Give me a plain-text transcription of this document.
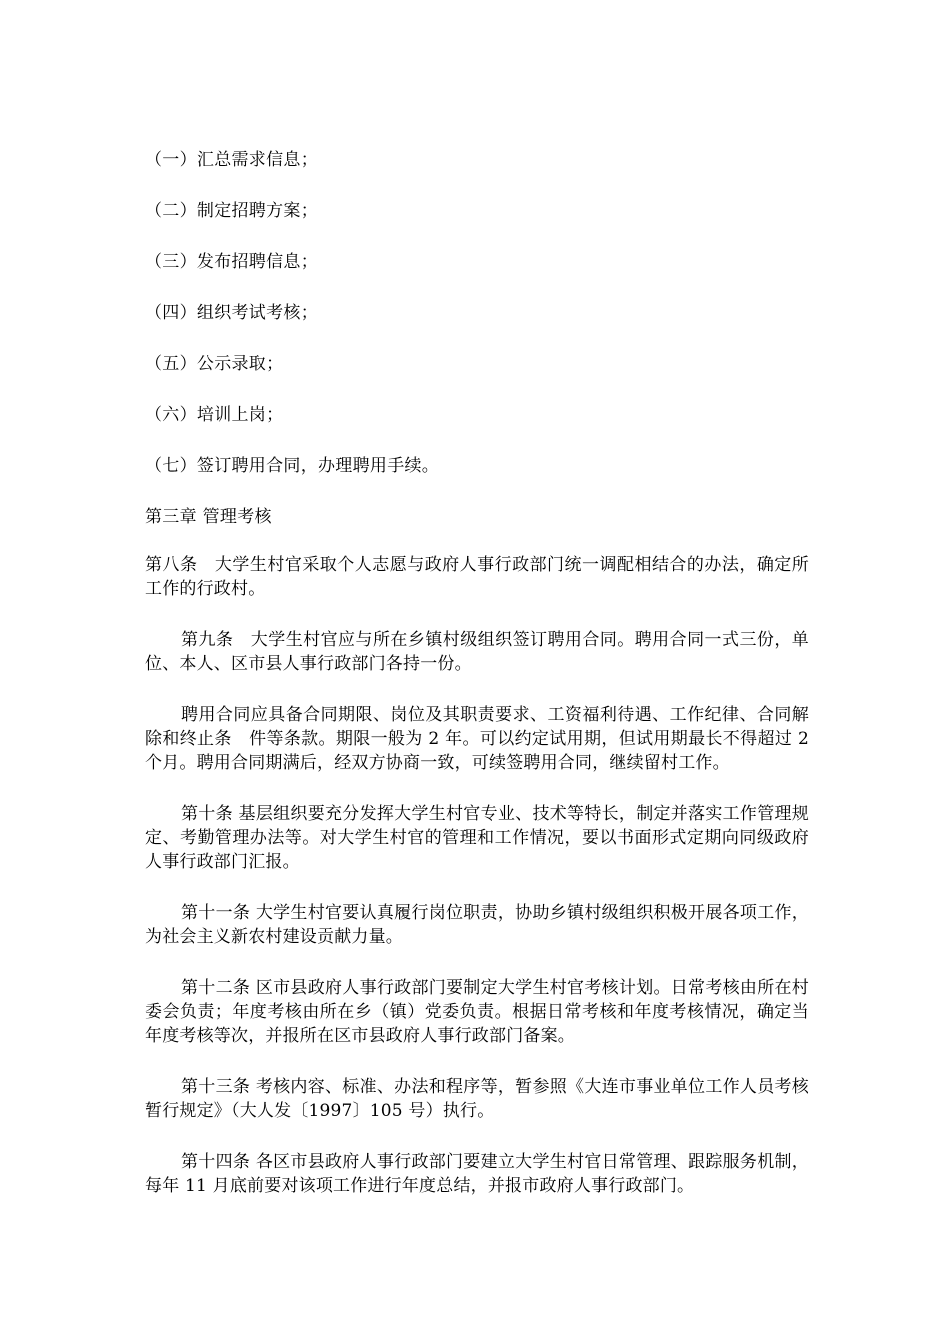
（一）汇总需求信息；
（二）制定招聘方案；
（三）发布招聘信息；
（四）组织考试考核；
（五）公示录取；
（六）培训上岗；
（七）签订聘用合同，办理聘用手续。
第三章 管理考核

第八条　大学生村官采取个人志愿与政府人事行政部门统一调配相结合的办法，确定所工作的行政村。

第九条　大学生村官应与所在乡镇村级组织签订聘用合同。聘用合同一式三份，单位、本人、区市县人事行政部门各持一份。

聘用合同应具备合同期限、岗位及其职责要求、工资福利待遇、工作纪律、合同解除和终止条　件等条款。期限一般为 2 年。可以约定试用期，但试用期最长不得超过 2 个月。聘用合同期满后，经双方协商一致，可续签聘用合同，继续留村工作。

第十条 基层组织要充分发挥大学生村官专业、技术等特长，制定并落实工作管理规定、考勤管理办法等。对大学生村官的管理和工作情况，要以书面形式定期向同级政府人事行政部门汇报。

第十一条 大学生村官要认真履行岗位职责，协助乡镇村级组织积极开展各项工作，为社会主义新农村建设贡献力量。

第十二条 区市县政府人事行政部门要制定大学生村官考核计划。日常考核由所在村委会负责；年度考核由所在乡（镇）党委负责。根据日常考核和年度考核情况，确定当年度考核等次，并报所在区市县政府人事行政部门备案。

第十三条 考核内容、标准、办法和程序等，暂参照《大连市事业单位工作人员考核暂行规定》（大人发〔1997〕105 号）执行。

第十四条 各区市县政府人事行政部门要建立大学生村官日常管理、跟踪服务机制，每年 11 月底前要对该项工作进行年度总结，并报市政府人事行政部门。
